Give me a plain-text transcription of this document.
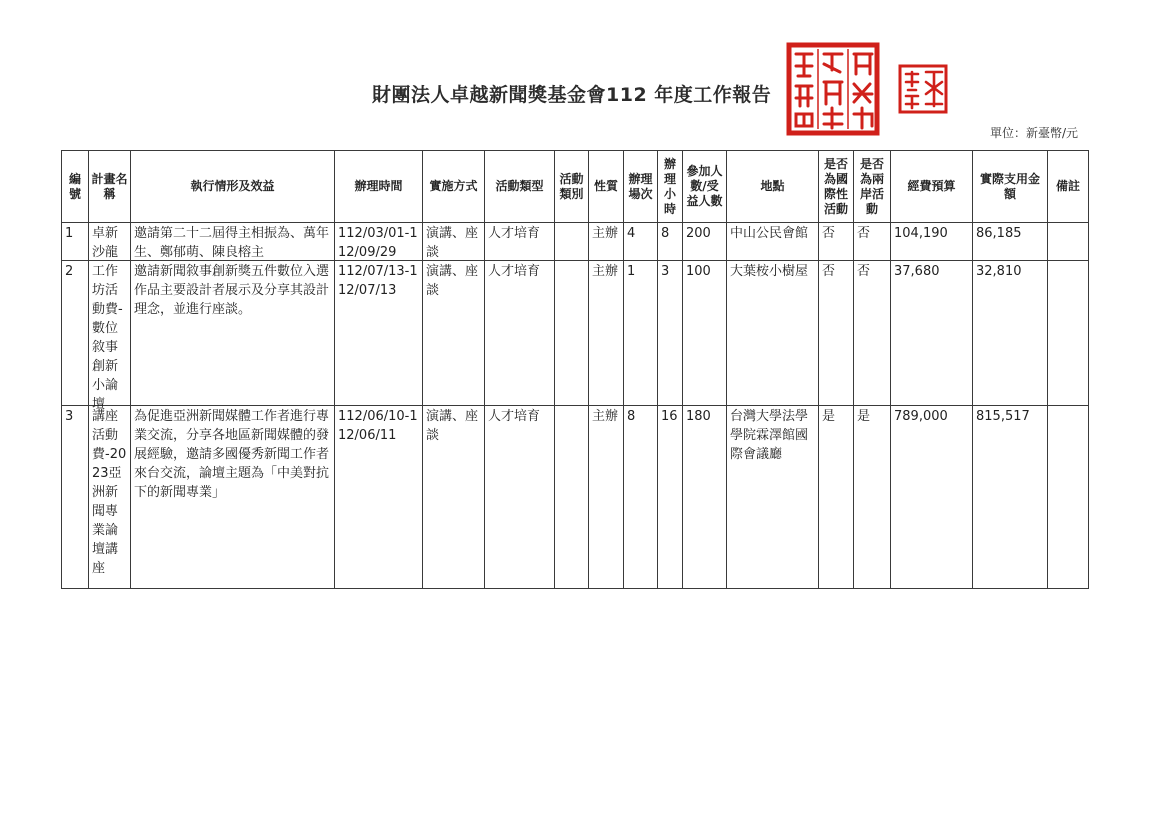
財團法人卓越新聞獎基金會112 年度工作報告
單位：新臺幣/元
編號	計畫名稱	執行情形及效益	辦理時間	實施方式	活動類型	活動類別	性質	辦理場次	辦理小時	參加人數/受益人數	地點	是否為國際性活動	是否為兩岸活動	經費預算	實際支用金額	備註

1	卓新沙龍	邀請第二十二屆得主相振為、萬年生、鄭郁萌、陳良榕主	112/03/01-112/09/29	演講、座談	人才培育		主辦	4	8	200	中山公民會館	否	否	104,190	86,185	

2	工作坊活動費-數位敘事創新小論壇	邀請新聞敘事創新獎五件數位入選作品主要設計者展示及分享其設計理念，並進行座談。	112/07/13-112/07/13	演講、座談	人才培育		主辦	1	3	100	大葉桉小樹屋	否	否	37,680	32,810	

3	講座活動費-2023亞洲新聞專業論壇講座	為促進亞洲新聞媒體工作者進行專業交流，分享各地區新聞媒體的發展經驗，邀請多國優秀新聞工作者來台交流，論壇主題為「中美對抗下的新聞專業」	112/06/10-112/06/11	演講、座談	人才培育		主辦	8	16	180	台灣大學法學學院霖澤館國際會議廳	是	是	789,000	815,517	
